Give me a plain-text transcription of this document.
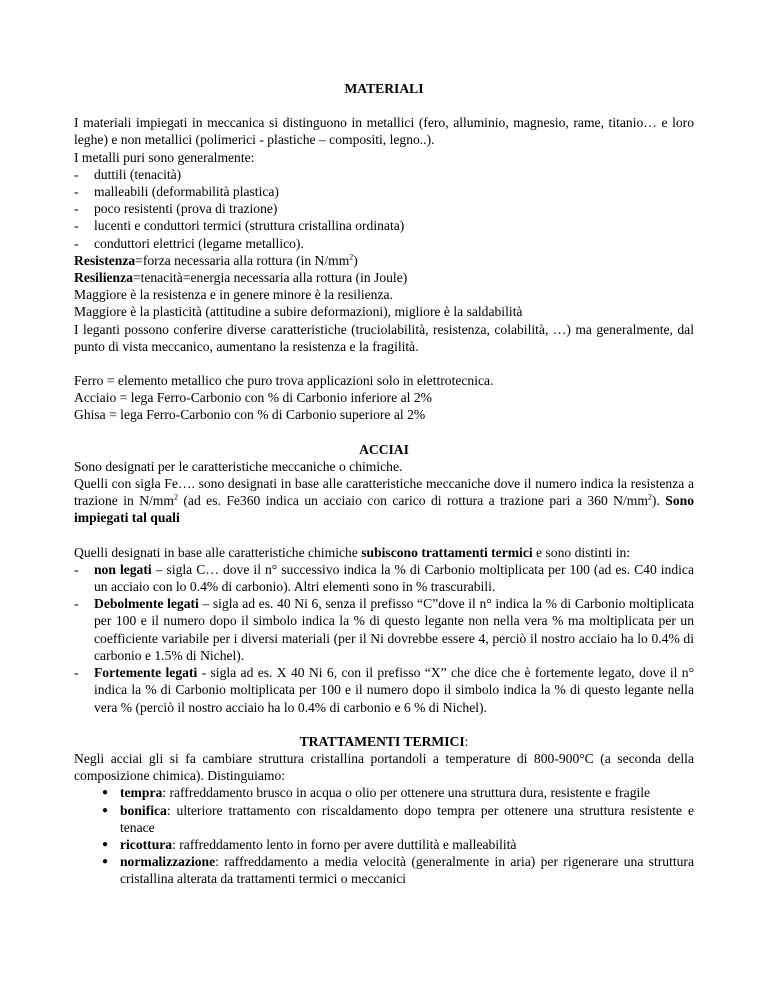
MATERIALI

I materiali impiegati in meccanica si distinguono in metallici (fero, alluminio, magnesio, rame, titanio… e loro leghe) e non metallici (polimerici - plastiche – compositi, legno..).

I metalli puri sono generalmente:

-	duttili (tenacità)
-	malleabili (deformabilità plastica)
-	poco resistenti (prova di trazione)
-	lucenti e conduttori termici (struttura cristallina ordinata)
-	conduttori elettrici (legame metallico).

Resistenza=forza necessaria alla rottura (in $N/mm^2$)

Resilienza=tenacità=energia necessaria alla rottura (in Joule)

Maggiore è la resistenza e in genere minore è la resilienza.

Maggiore è la plasticità (attitudine a subire deformazioni), migliore è la saldabilità

I leganti possono conferire diverse caratteristiche (truciolabilità, resistenza, colabilità, …) ma generalmente, dal punto di vista meccanico, aumentano la resistenza e la fragilità.

Ferro = elemento metallico che puro trova applicazioni solo in elettrotecnica.

Acciaio = lega Ferro-Carbonio con % di Carbonio inferiore al 2%

Ghisa = lega Ferro-Carbonio con % di Carbonio superiore al 2%

ACCIAI

Sono designati per le caratteristiche meccaniche o chimiche.

Quelli con sigla Fe…. sono designati in base alle caratteristiche meccaniche dove il numero indica la resistenza a trazione in $N/mm^2$ (ad es. Fe360 indica un acciaio con carico di rottura a trazione pari a 360 $N/mm^2$). Sono impiegati tal quali

Quelli designati in base alle caratteristiche chimiche subiscono trattamenti termici e sono distinti in:

-	non legati – sigla C… dove il n° successivo indica la % di Carbonio moltiplicata per 100 (ad es. C40 indica un acciaio con lo 0.4% di carbonio). Altri elementi sono in % trascurabili.
-	Debolmente legati – sigla ad es. 40 Ni 6, senza il prefisso “C”dove il n° indica la % di Carbonio moltiplicata per 100 e il numero dopo il simbolo indica la % di questo legante non nella vera % ma moltiplicata per un coefficiente variabile per i diversi materiali (per il Ni dovrebbe essere 4, perciò il nostro acciaio ha lo 0.4% di carbonio e 1.5% di Nichel).
-	Fortemente legati - sigla ad es. X 40 Ni 6, con il prefisso “X” che dice che è fortemente legato, dove il n° indica la % di Carbonio moltiplicata per 100 e il numero dopo il simbolo indica la % di questo legante nella vera % (perciò il nostro acciaio ha lo 0.4% di carbonio e 6 % di Nichel).

TRATTAMENTI TERMICI:

Negli acciai gli si fa cambiare struttura cristallina portandoli a temperature di 800-900°C (a seconda della composizione chimica). Distinguiamo:

● tempra: raffreddamento brusco in acqua o olio per ottenere una struttura dura, resistente e fragile
● bonifica: ulteriore trattamento con riscaldamento dopo tempra per ottenere una struttura resistente e tenace
● ricottura: raffreddamento lento in forno per avere duttilità e malleabilità
● normalizzazione: raffreddamento a media velocità (generalmente in aria) per rigenerare una struttura cristallina alterata da trattamenti termici o meccanici
